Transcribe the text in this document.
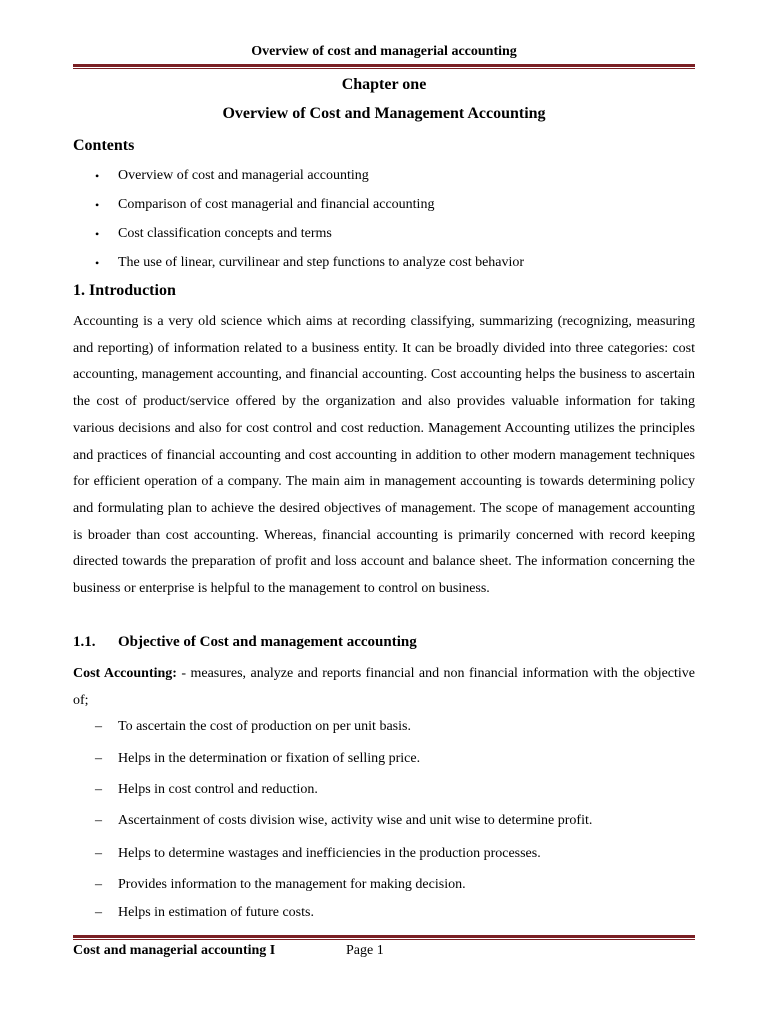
Overview of cost and managerial accounting
Chapter one
Overview of Cost and Management Accounting
Contents
• Overview of cost and managerial accounting
• Comparison of cost managerial and financial accounting
• Cost classification concepts and terms
• The use of linear, curvilinear and step functions to analyze cost behavior
1. Introduction

Accounting is a very old science which aims at recording classifying, summarizing (recognizing, measuring and reporting) of information related to a business entity. It can be broadly divided into three categories: cost accounting, management accounting, and financial accounting. Cost accounting helps the business to ascertain the cost of product/service offered by the organization and also provides valuable information for taking various decisions and also for cost control and cost reduction. Management Accounting utilizes the principles and practices of financial accounting and cost accounting in addition to other modern management techniques for efficient operation of a company. The main aim in management accounting is towards determining policy and formulating plan to achieve the desired objectives of management. The scope of management accounting is broader than cost accounting. Whereas, financial accounting is primarily concerned with record keeping directed towards the preparation of profit and loss account and balance sheet. The information concerning the business or enterprise is helpful to the management to control on business.

1.1. Objective of Cost and management accounting

Cost Accounting: - measures, analyze and reports financial and non financial information with the objective of;

– To ascertain the cost of production on per unit basis.
– Helps in the determination or fixation of selling price.
– Helps in cost control and reduction.
– Ascertainment of costs division wise, activity wise and unit wise to determine profit.
– Helps to determine wastages and inefficiencies in the production processes.
– Provides information to the management for making decision.
– Helps in estimation of future costs.
Cost and managerial accounting I	Page 1
